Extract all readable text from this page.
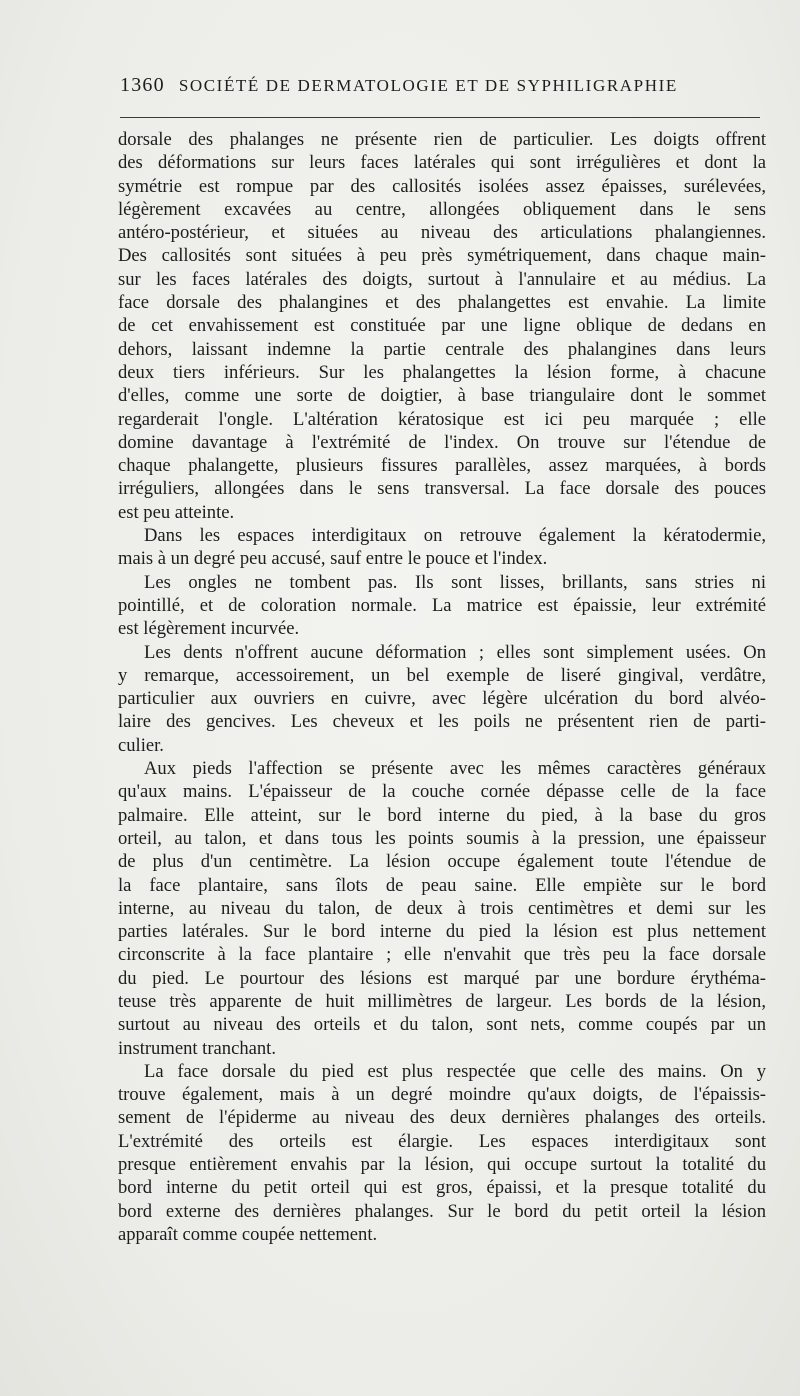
1360 SOCIÉTÉ DE DERMATOLOGIE ET DE SYPHILIGRAPHIE
dorsale des phalanges ne présente rien de particulier. Les doigts offrent
des déformations sur leurs faces latérales qui sont irrégulières et dont la
symétrie est rompue par des callosités isolées assez épaisses, surélevées,
légèrement excavées au centre, allongées obliquement dans le sens
antéro-postérieur, et situées au niveau des articulations phalangiennes.
Des callosités sont situées à peu près symétriquement, dans chaque main-
sur les faces latérales des doigts, surtout à l'annulaire et au médius. La
face dorsale des phalangines et des phalangettes est envahie. La limite
de cet envahissement est constituée par une ligne oblique de dedans en
dehors, laissant indemne la partie centrale des phalangines dans leurs
deux tiers inférieurs. Sur les phalangettes la lésion forme, à chacune
d'elles, comme une sorte de doigtier, à base triangulaire dont le sommet
regarderait l'ongle. L'altération kératosique est ici peu marquée ; elle
domine davantage à l'extrémité de l'index. On trouve sur l'étendue de
chaque phalangette, plusieurs fissures parallèles, assez marquées, à bords
irréguliers, allongées dans le sens transversal. La face dorsale des pouces
est peu atteinte.
Dans les espaces interdigitaux on retrouve également la kératodermie,
mais à un degré peu accusé, sauf entre le pouce et l'index.
Les ongles ne tombent pas. Ils sont lisses, brillants, sans stries ni
pointillé, et de coloration normale. La matrice est épaissie, leur extrémité
est légèrement incurvée.
Les dents n'offrent aucune déformation ; elles sont simplement usées. On
y remarque, accessoirement, un bel exemple de liseré gingival, verdâtre,
particulier aux ouvriers en cuivre, avec légère ulcération du bord alvéo-
laire des gencives. Les cheveux et les poils ne présentent rien de parti-
culier.
Aux pieds l'affection se présente avec les mêmes caractères généraux
qu'aux mains. L'épaisseur de la couche cornée dépasse celle de la face
palmaire. Elle atteint, sur le bord interne du pied, à la base du gros
orteil, au talon, et dans tous les points soumis à la pression, une épaisseur
de plus d'un centimètre. La lésion occupe également toute l'étendue de
la face plantaire, sans îlots de peau saine. Elle empiète sur le bord
interne, au niveau du talon, de deux à trois centimètres et demi sur les
parties latérales. Sur le bord interne du pied la lésion est plus nettement
circonscrite à la face plantaire ; elle n'envahit que très peu la face dorsale
du pied. Le pourtour des lésions est marqué par une bordure érythéma-
teuse très apparente de huit millimètres de largeur. Les bords de la lésion,
surtout au niveau des orteils et du talon, sont nets, comme coupés par un
instrument tranchant.
La face dorsale du pied est plus respectée que celle des mains. On y
trouve également, mais à un degré moindre qu'aux doigts, de l'épaissis-
sement de l'épiderme au niveau des deux dernières phalanges des orteils.
L'extrémité des orteils est élargie. Les espaces interdigitaux sont
presque entièrement envahis par la lésion, qui occupe surtout la totalité du
bord interne du petit orteil qui est gros, épaissi, et la presque totalité du
bord externe des dernières phalanges. Sur le bord du petit orteil la lésion
apparaît comme coupée nettement.
